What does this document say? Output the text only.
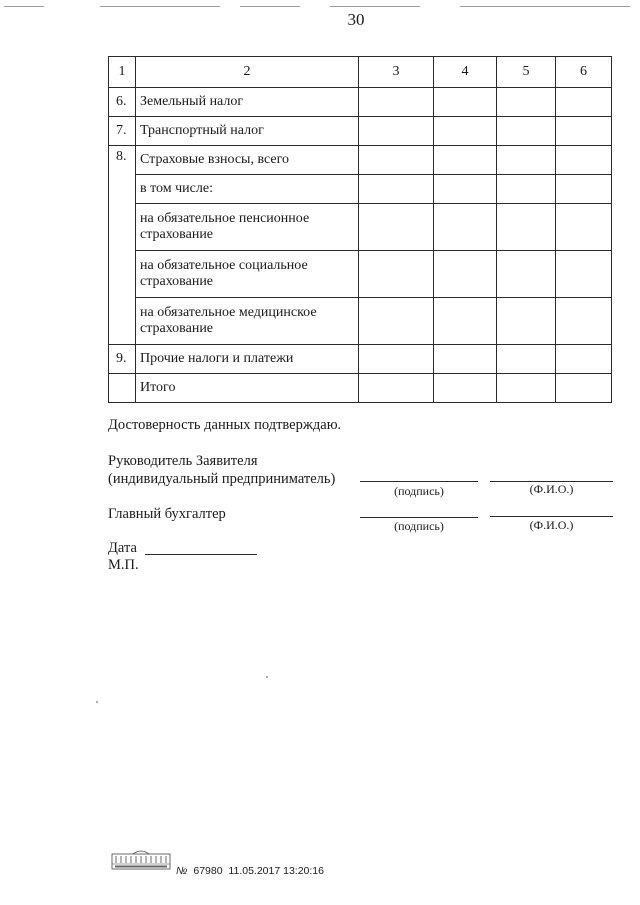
30
1	2	3	4	5	6
6.	Земельный налог				
7.	Транспортный налог				
8.	Страховые взносы, всего				
	в том числе:				
	на обязательное пенсионное страхование				
	на обязательное социальное страхование				
	на обязательное медицинское страхование				
9.	Прочие налоги и платежи				
	Итого				
Достоверность данных подтверждаю.
Руководитель Заявителя
(индивидуальный предприниматель)
(подпись)	(Ф.И.О.)
Главный бухгалтер
(подпись)	(Ф.И.О.)
Дата
М.П.
№ 67980 11.05.2017 13:20:16
